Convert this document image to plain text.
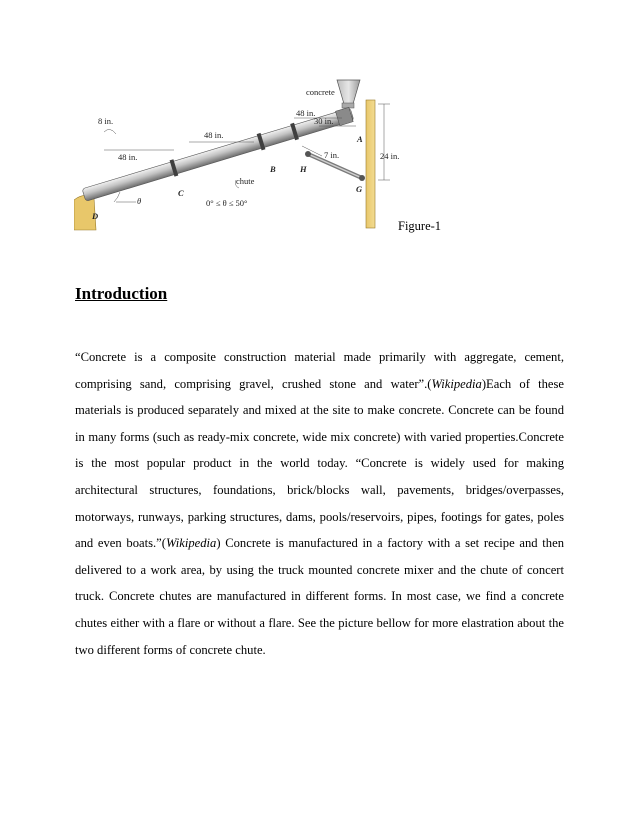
concrete
48 in.
30 in.
8 in.
48 in.
48 in.	7 in.	24 in.
chute
θ	0° ≤ θ ≤ 50°
A
B
C
D
G
H
Figure-1
Introduction

“Concrete is a composite construction material made primarily with aggregate, cement, comprising sand, comprising gravel, crushed stone and water”.(Wikipedia)Each of these materials is produced separately and mixed at the site to make concrete. Concrete can be found in many forms (such as ready-mix concrete, wide mix concrete) with varied properties.Concrete is the most popular product in the world today. “Concrete is widely used for making architectural structures, foundations, brick/blocks wall, pavements, bridges/overpasses, motorways, runways, parking structures, dams, pools/reservoirs, pipes, footings for gates, poles and even boats.”(Wikipedia) Concrete is manufactured in a factory with a set recipe and then delivered to a work area, by using the truck mounted concrete mixer and the chute of concert truck. Concrete chutes are manufactured in different forms. In most case, we find a concrete chutes either with a flare or without a flare. See the picture bellow for more elastration about the two different forms of concrete chute.
